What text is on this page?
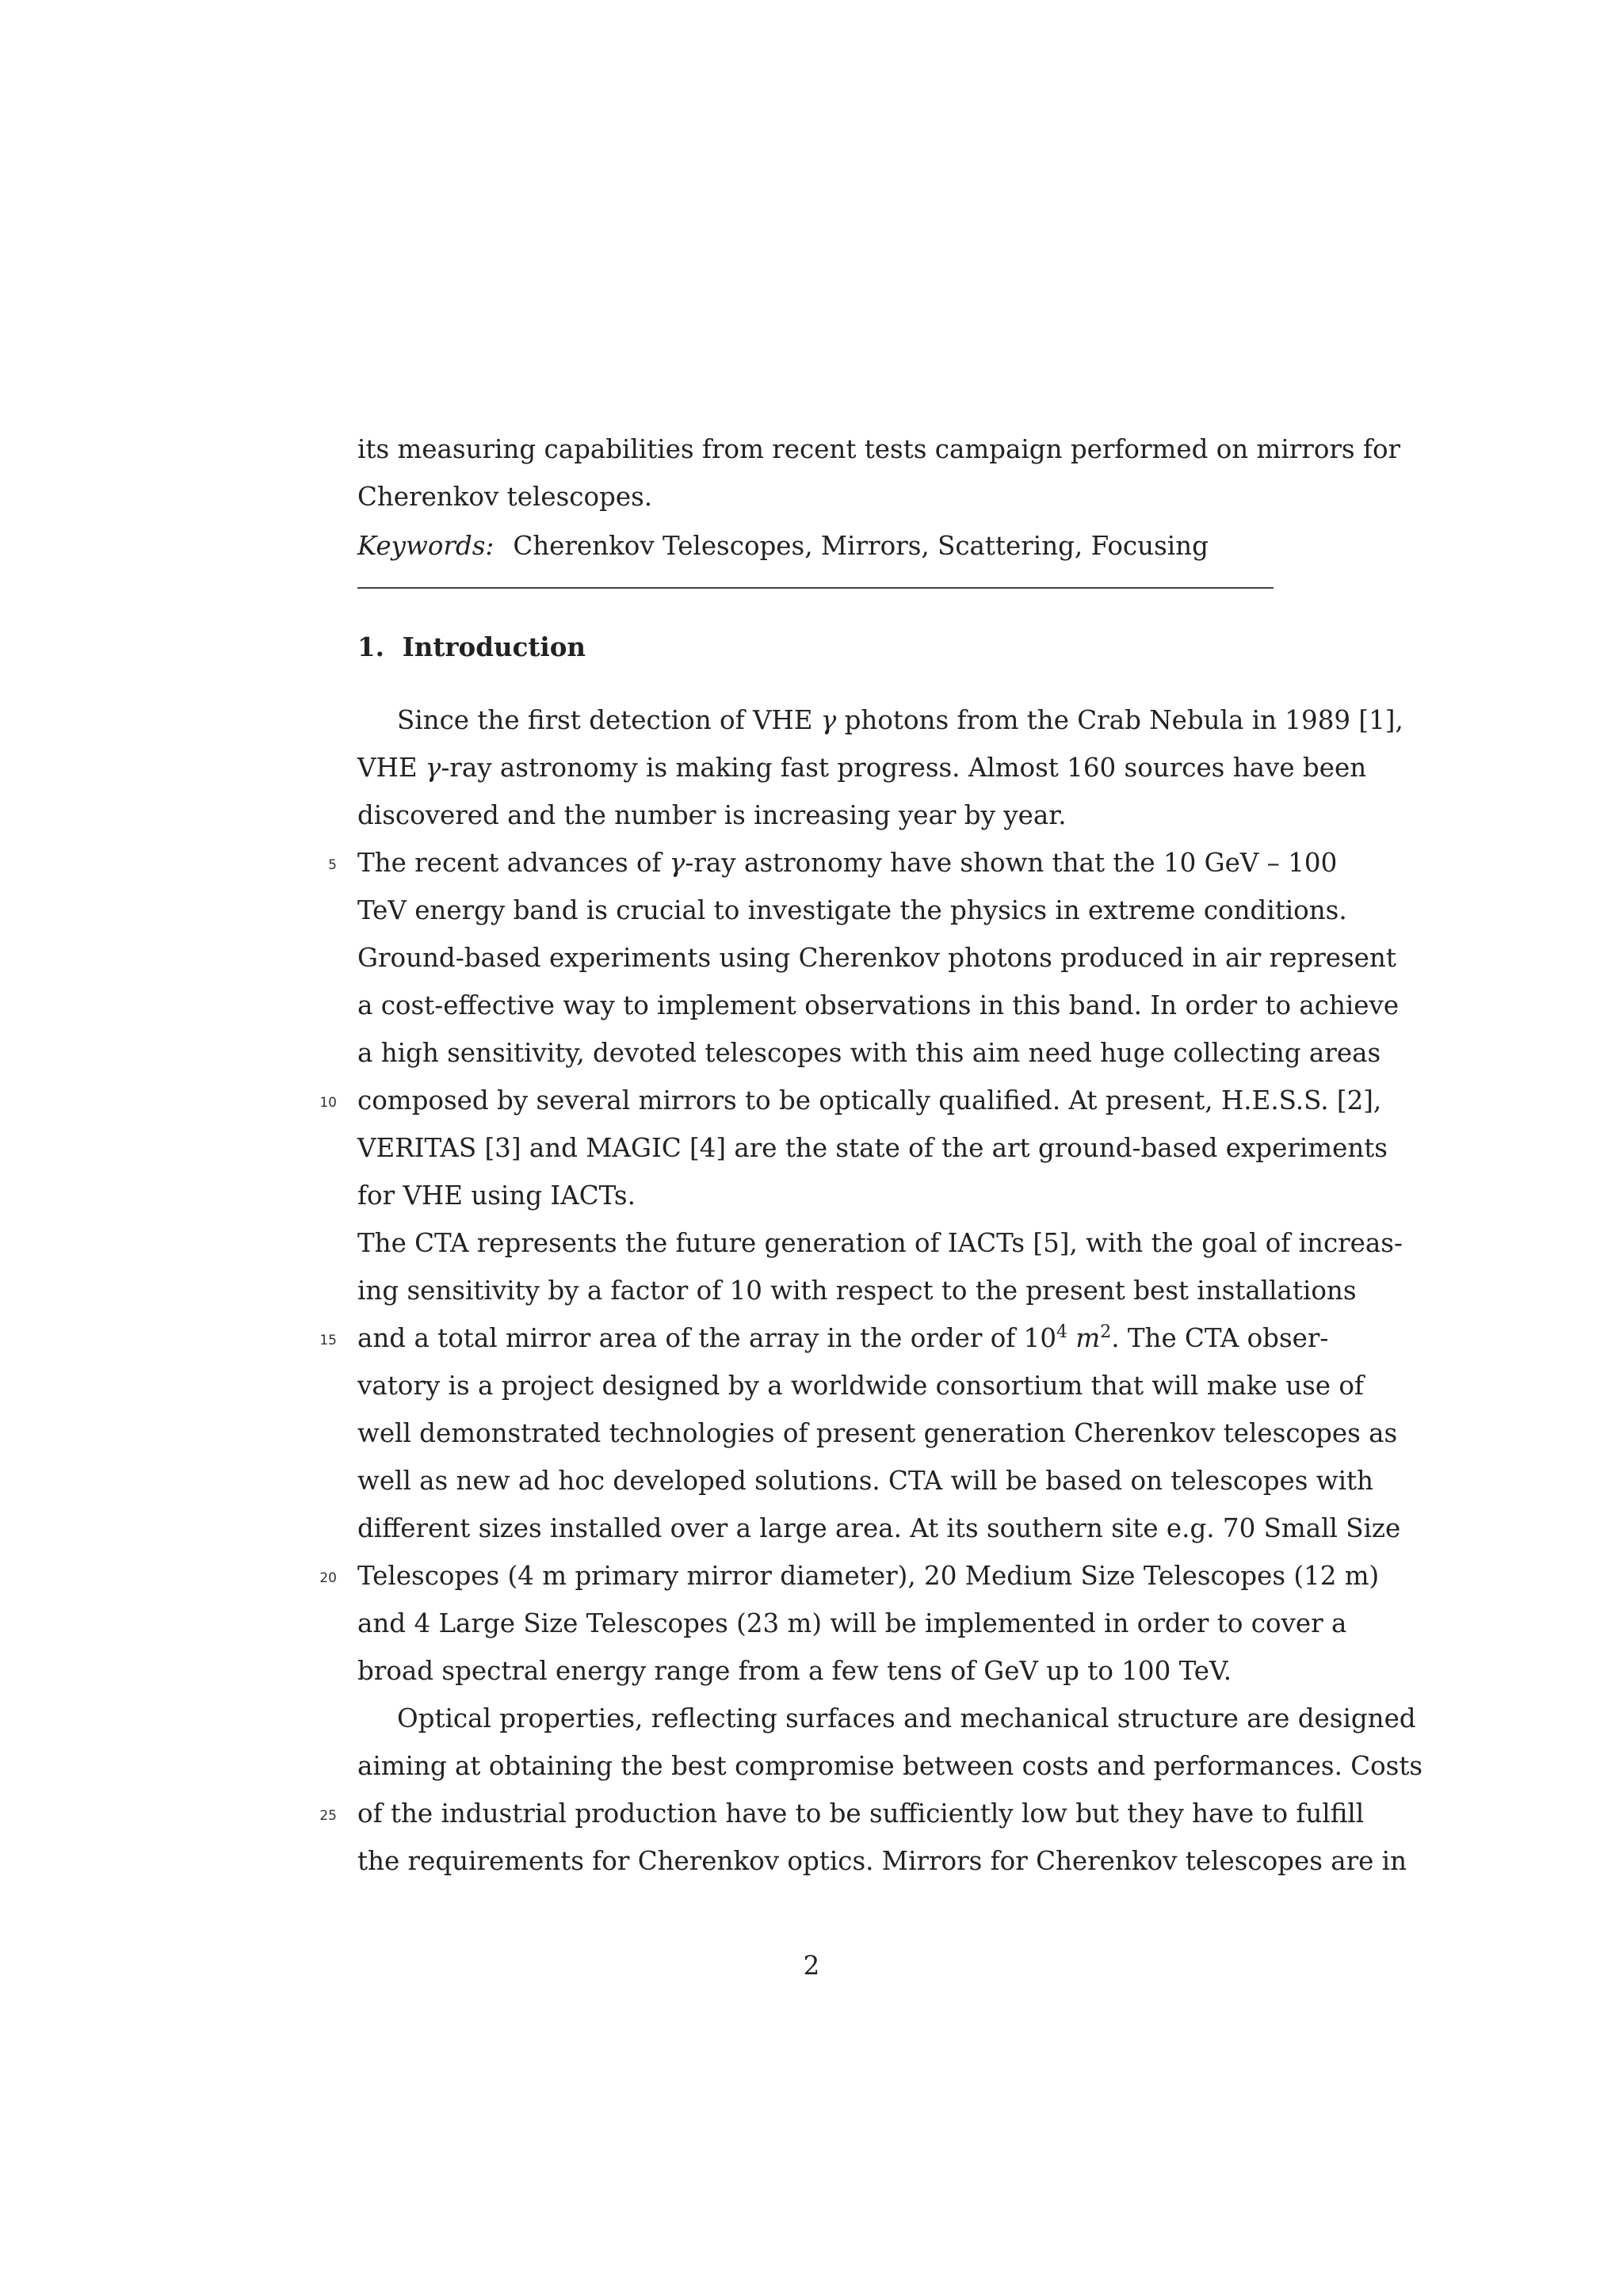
its measuring capabilities from recent tests campaign performed on mirrors for
Cherenkov telescopes.
Keywords: Cherenkov Telescopes, Mirrors, Scattering, Focusing
1. Introduction
Since the first detection of VHE γ photons from the Crab Nebula in 1989 [1],
VHE γ-ray astronomy is making fast progress. Almost 160 sources have been
discovered and the number is increasing year by year.
5 The recent advances of γ-ray astronomy have shown that the 10 GeV – 100
TeV energy band is crucial to investigate the physics in extreme conditions.
Ground-based experiments using Cherenkov photons produced in air represent
a cost-effective way to implement observations in this band. In order to achieve
a high sensitivity, devoted telescopes with this aim need huge collecting areas
10 composed by several mirrors to be optically qualified. At present, H.E.S.S. [2],
VERITAS [3] and MAGIC [4] are the state of the art ground-based experiments
for VHE using IACTs.
The CTA represents the future generation of IACTs [5], with the goal of increas-
ing sensitivity by a factor of 10 with respect to the present best installations
15 and a total mirror area of the array in the order of $10^4$ $m^2$. The CTA obser-
vatory is a project designed by a worldwide consortium that will make use of
well demonstrated technologies of present generation Cherenkov telescopes as
well as new ad hoc developed solutions. CTA will be based on telescopes with
different sizes installed over a large area. At its southern site e.g. 70 Small Size
20 Telescopes (4 m primary mirror diameter), 20 Medium Size Telescopes (12 m)
and 4 Large Size Telescopes (23 m) will be implemented in order to cover a
broad spectral energy range from a few tens of GeV up to 100 TeV.
Optical properties, reflecting surfaces and mechanical structure are designed
aiming at obtaining the best compromise between costs and performances. Costs
25 of the industrial production have to be sufficiently low but they have to fulfill
the requirements for Cherenkov optics. Mirrors for Cherenkov telescopes are in
2
